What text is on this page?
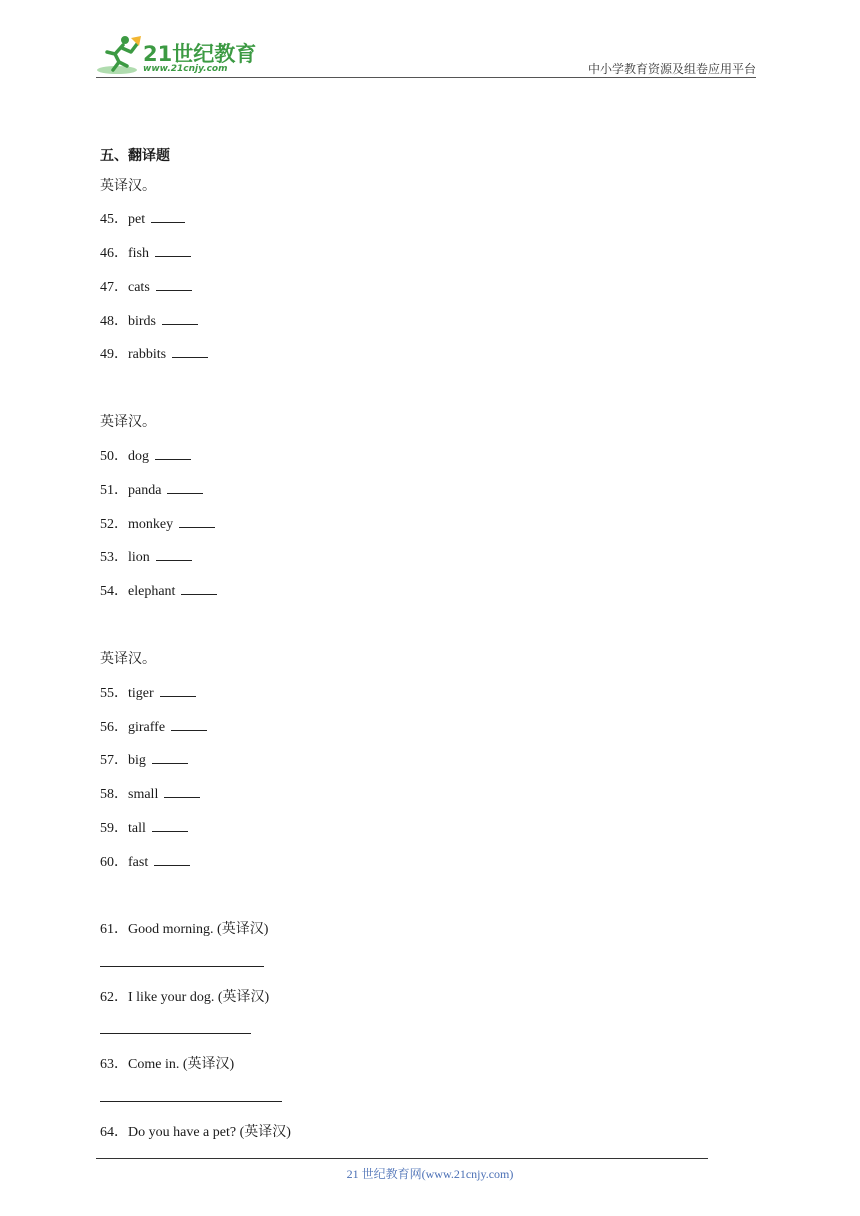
21世纪教育
www.21cnjy.com	中小学教育资源及组卷应用平台
五、翻译题
英译汉。
45．pet
46．fish
47．cats
48．birds
49．rabbits
英译汉。
50．dog
51．panda
52．monkey
53．lion
54．elephant
英译汉。
55．tiger
56．giraffe
57．big
58．small
59．tall
60．fast
61．Good morning. (英译汉)
62．I like your dog. (英译汉)
63．Come in. (英译汉)
64．Do you have a pet? (英译汉)
21 世纪教育网(www.21cnjy.com)
